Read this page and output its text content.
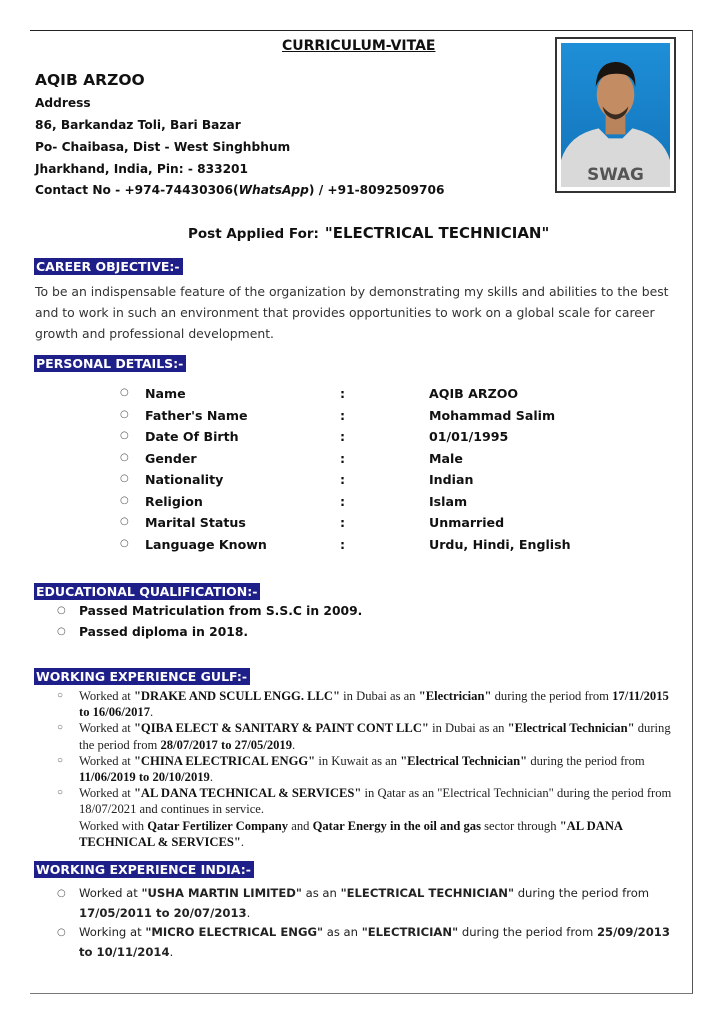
CURRICULUM-VITAE
AQIB ARZOO
Address
86, Barkandaz Toli, Bari Bazar
Po- Chaibasa, Dist - West Singhbhum
Jharkhand, India, Pin: - 833201
Contact No - +974-74430306(WhatsApp) / +91-8092509706
SWAG
Post Applied For: "ELECTRICAL TECHNICIAN"
CAREER OBJECTIVE:-
To be an indispensable feature of the organization by demonstrating my skills and abilities to the best and to work in such an environment that provides opportunities to work on a global scale for career growth and professional development.
PERSONAL DETAILS:-
○ Name	:	AQIB ARZOO
○ Father's Name	:	Mohammad Salim
○ Date Of Birth	:	01/01/1995
○ Gender	:	Male
○ Nationality	:	Indian
○ Religion	:	Islam
○ Marital Status	:	Unmarried
○ Language Known	:	Urdu, Hindi, English
EDUCATIONAL QUALIFICATION:-
○ Passed Matriculation from S.S.C in 2009.
○ Passed diploma in 2018.
WORKING EXPERIENCE GULF:-
○ Worked at "DRAKE AND SCULL ENGG. LLC" in Dubai as an "Electrician" during the period from 17/11/2015 to 16/06/2017.
○ Worked at "QIBA ELECT & SANITARY & PAINT CONT LLC" in Dubai as an "Electrical Technician" during the period from 28/07/2017 to 27/05/2019.
○ Worked at "CHINA ELECTRICAL ENGG" in Kuwait as an "Electrical Technician" during the period from 11/06/2019 to 20/10/2019.
○ Worked at "AL DANA TECHNICAL & SERVICES" in Qatar as an "Electrical Technician" during the period from 18/07/2021 and continues in service.
Worked with Qatar Fertilizer Company and Qatar Energy in the oil and gas sector through "AL DANA TECHNICAL & SERVICES".
WORKING EXPERIENCE INDIA:-
○ Worked at "USHA MARTIN LIMITED" as an "ELECTRICAL TECHNICIAN" during the period from 17/05/2011 to 20/07/2013.
○ Working at "MICRO ELECTRICAL ENGG" as an "ELECTRICIAN" during the period from 25/09/2013 to 10/11/2014.
